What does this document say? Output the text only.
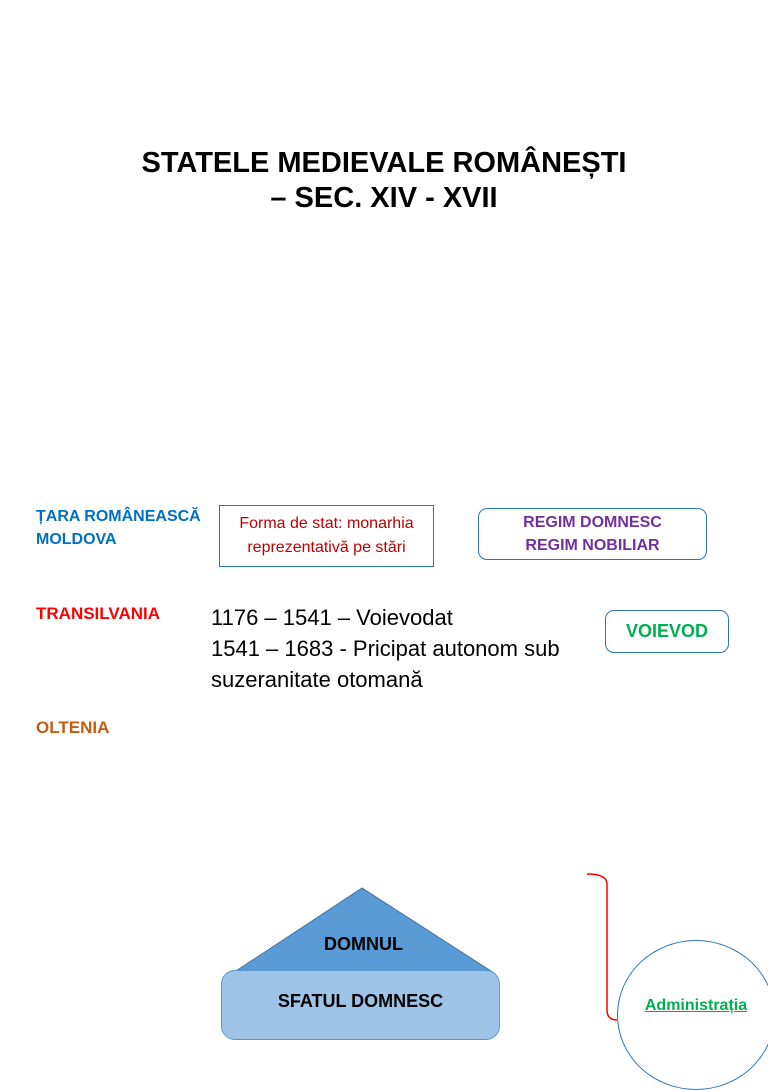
STATELE MEDIEVALE ROMÂNEȘTI
– SEC. XIV - XVII
ȚARA ROMÂNEASCĂ
MOLDOVA
TRANSILVANIA
OLTENIA
Forma de stat: monarhia
reprezentativă pe stări
REGIM DOMNESC
REGIM NOBILIAR
1176 – 1541 – Voievodat
1541 – 1683 - Pricipat autonom sub
suzeranitate otomană
VOIEVOD
DOMNUL
SFATUL DOMNESC	Administrația
